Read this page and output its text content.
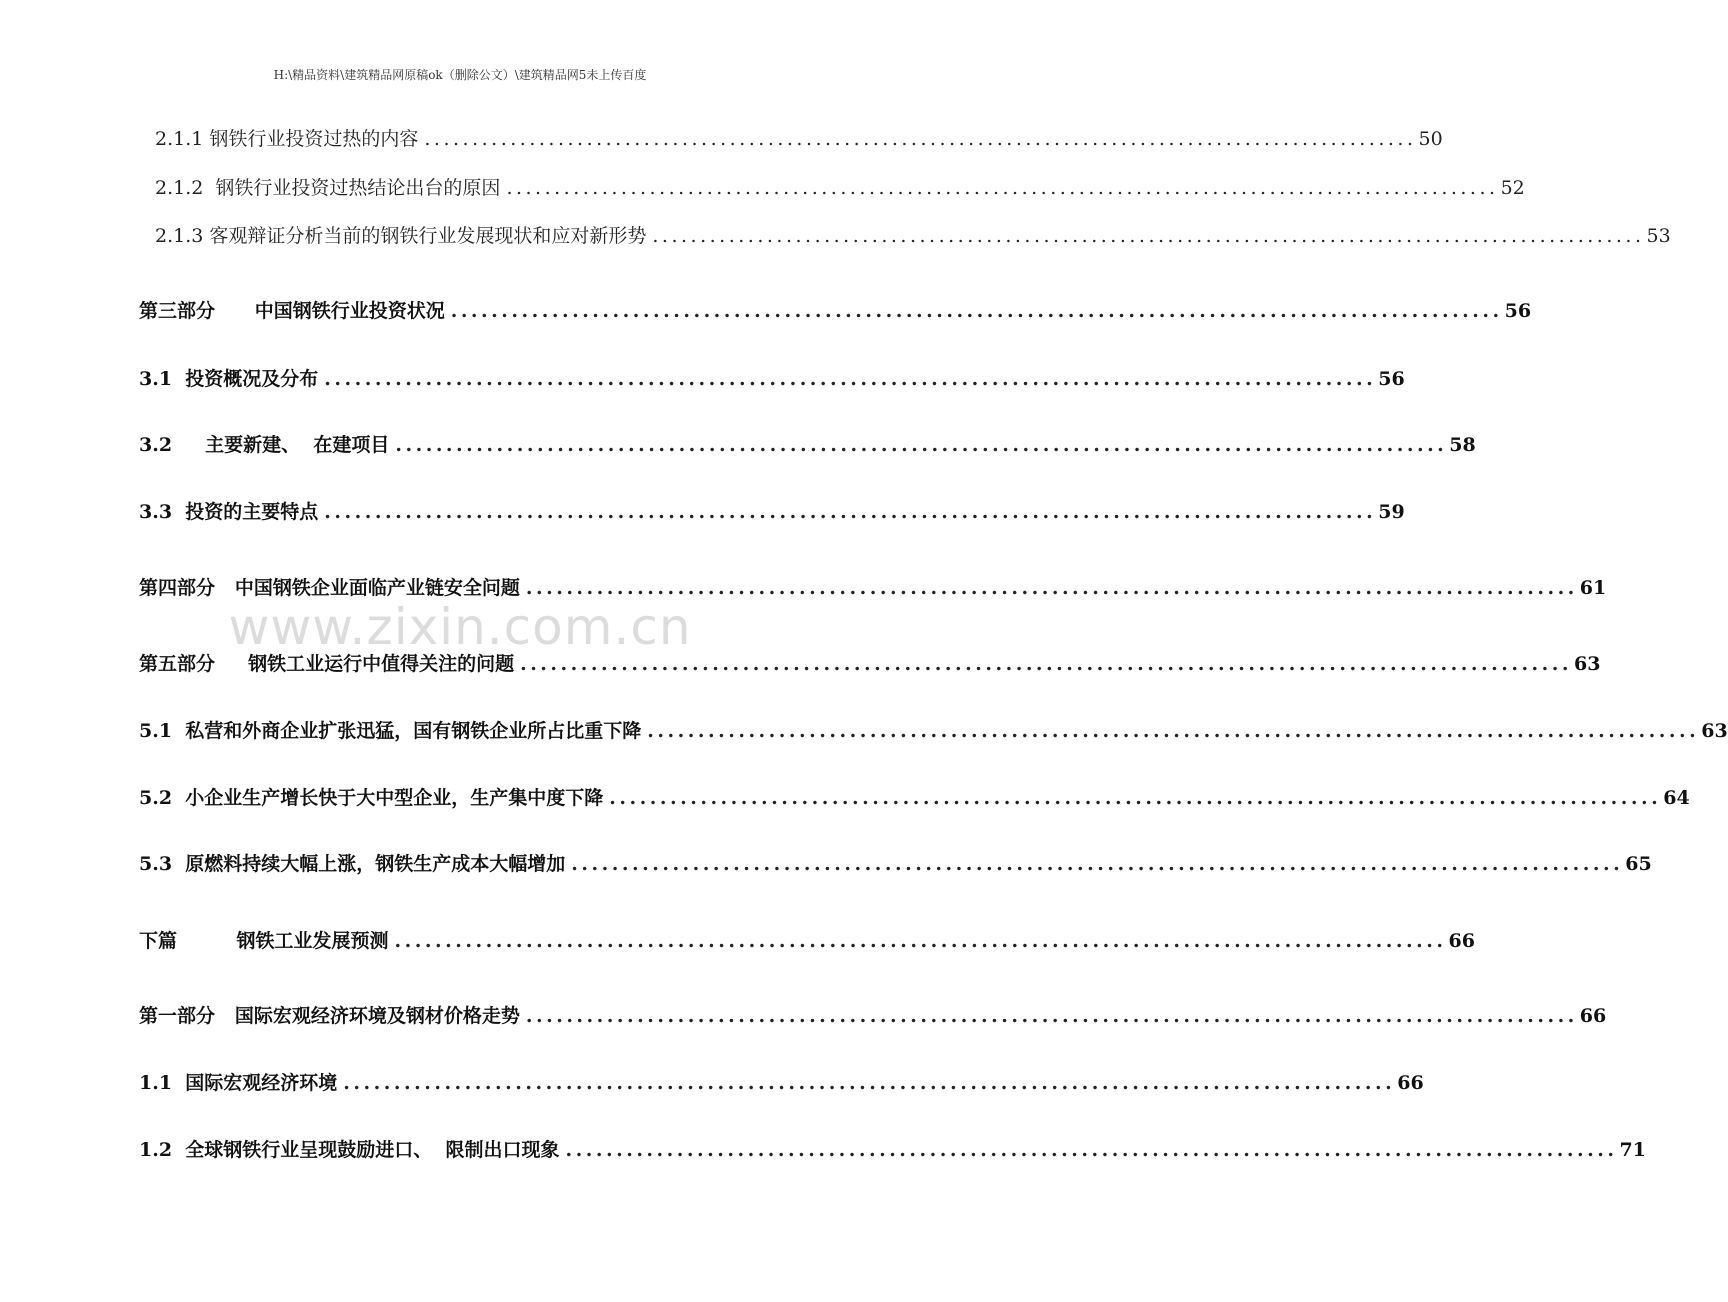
H:\精品资料\建筑精品网原稿ok（删除公文）\建筑精品网5未上传百度
www.zixin.com.cn
2.1.1 钢铁行业投资过热的内容 ........................................................................................................ 50
2.1.2  钢铁行业投资过热结论出台的原因 ........................................................................................................ 52
2.1.3 客观辩证分析当前的钢铁行业发展现状和应对新形势 ........................................................................................................ 53
第三部分      中国钢铁行业投资状况 ........................................................................................................ 56
3.1  投资概况及分布 ........................................................................................................ 56
3.2     主要新建、  在建项目 ........................................................................................................ 58
3.3  投资的主要特点 ........................................................................................................ 59
第四部分   中国钢铁企业面临产业链安全问题 ........................................................................................................ 61
第五部分     钢铁工业运行中值得关注的问题 ........................................................................................................ 63
5.1  私营和外商企业扩张迅猛，国有钢铁企业所占比重下降 ........................................................................................................ 63
5.2  小企业生产增长快于大中型企业，生产集中度下降 ........................................................................................................ 64
5.3  原燃料持续大幅上涨，钢铁生产成本大幅增加 ........................................................................................................ 65
下篇         钢铁工业发展预测 ........................................................................................................ 66
第一部分   国际宏观经济环境及钢材价格走势 ........................................................................................................ 66
1.1  国际宏观经济环境 ........................................................................................................ 66
1.2  全球钢铁行业呈现鼓励进口、  限制出口现象 ........................................................................................................ 71
